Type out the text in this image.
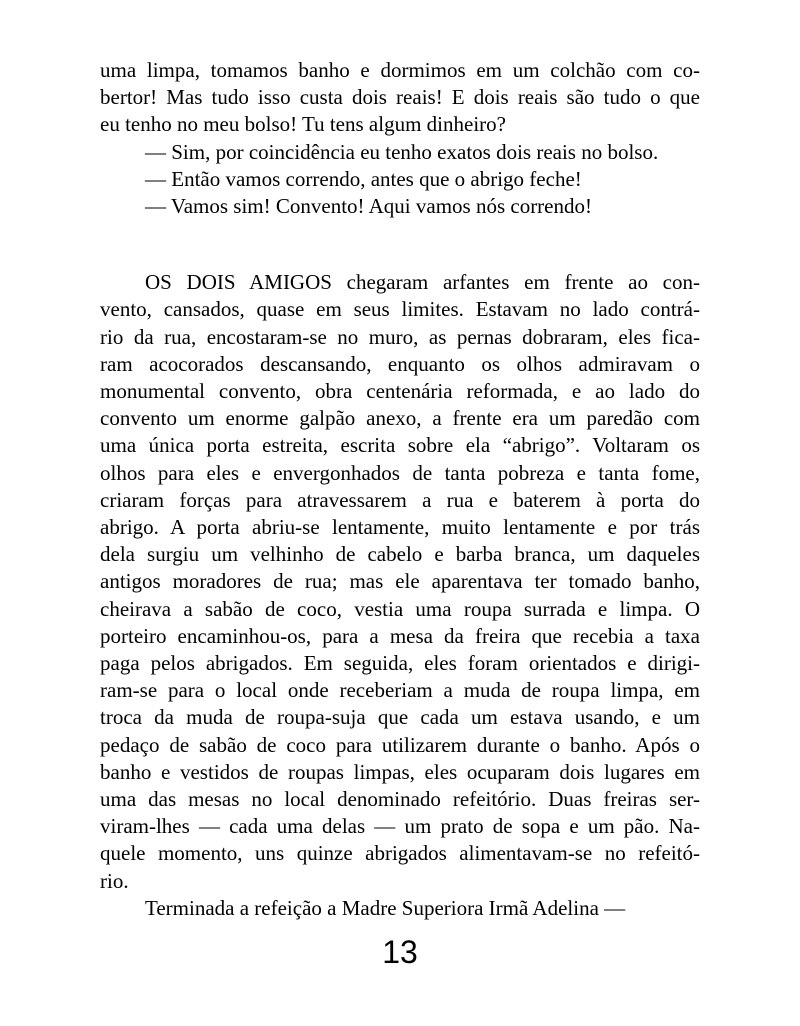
uma limpa, tomamos banho e dormimos em um colchão com co-
bertor! Mas tudo isso custa dois reais! E dois reais são tudo o que
eu tenho no meu bolso! Tu tens algum dinheiro?
— Sim, por coincidência eu tenho exatos dois reais no bolso.
— Então vamos correndo, antes que o abrigo feche!
— Vamos sim! Convento! Aqui vamos nós correndo!
OS DOIS AMIGOS chegaram arfantes em frente ao con-
vento, cansados, quase em seus limites. Estavam no lado contrá-
rio da rua, encostaram-se no muro, as pernas dobraram, eles fica-
ram acocorados descansando, enquanto os olhos admiravam o
monumental convento, obra centenária reformada, e ao lado do
convento um enorme galpão anexo, a frente era um paredão com
uma única porta estreita, escrita sobre ela “abrigo”. Voltaram os
olhos para eles e envergonhados de tanta pobreza e tanta fome,
criaram forças para atravessarem a rua e baterem à porta do
abrigo. A porta abriu-se lentamente, muito lentamente e por trás
dela surgiu um velhinho de cabelo e barba branca, um daqueles
antigos moradores de rua; mas ele aparentava ter tomado banho,
cheirava a sabão de coco, vestia uma roupa surrada e limpa. O
porteiro encaminhou-os, para a mesa da freira que recebia a taxa
paga pelos abrigados. Em seguida, eles foram orientados e dirigi-
ram-se para o local onde receberiam a muda de roupa limpa, em
troca da muda de roupa-suja que cada um estava usando, e um
pedaço de sabão de coco para utilizarem durante o banho. Após o
banho e vestidos de roupas limpas, eles ocuparam dois lugares em
uma das mesas no local denominado refeitório. Duas freiras ser-
viram-lhes — cada uma delas — um prato de sopa e um pão. Na-
quele momento, uns quinze abrigados alimentavam-se no refeitó-
rio.
Terminada a refeição a Madre Superiora Irmã Adelina —
13
